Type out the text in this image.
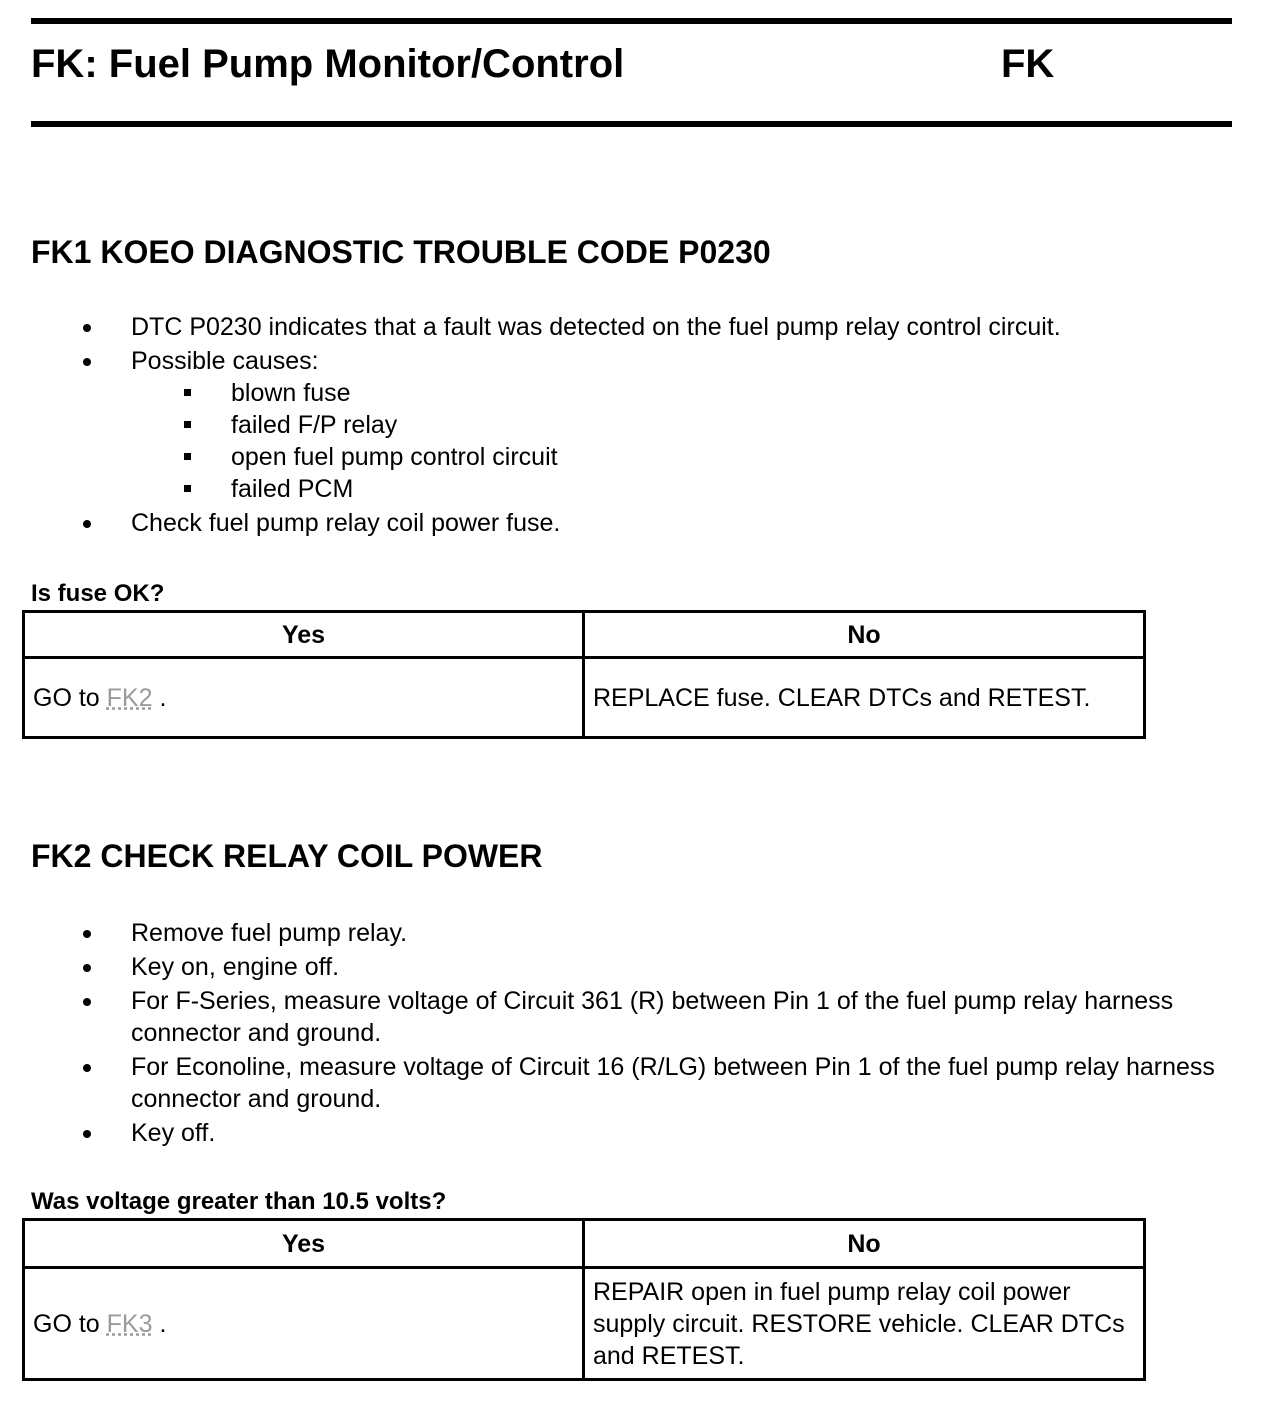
FK: Fuel Pump Monitor/Control	FK
FK1 KOEO DIAGNOSTIC TROUBLE CODE P0230
DTC P0230 indicates that a fault was detected on the fuel pump relay control circuit.
Possible causes:
blown fuse
failed F/P relay
open fuel pump control circuit
failed PCM
Check fuel pump relay coil power fuse.
Is fuse OK?
Yes	No
GO to FK2 .	REPLACE fuse. CLEAR DTCs and RETEST.
FK2 CHECK RELAY COIL POWER
Remove fuel pump relay.
Key on, engine off.
For F-Series, measure voltage of Circuit 361 (R) between Pin 1 of the fuel pump relay harness connector and ground.
For Econoline, measure voltage of Circuit 16 (R/LG) between Pin 1 of the fuel pump relay harness connector and ground.
Key off.
Was voltage greater than 10.5 volts?
Yes	No
GO to FK3 .	REPAIR open in fuel pump relay coil power supply circuit. RESTORE vehicle. CLEAR DTCs and RETEST.
